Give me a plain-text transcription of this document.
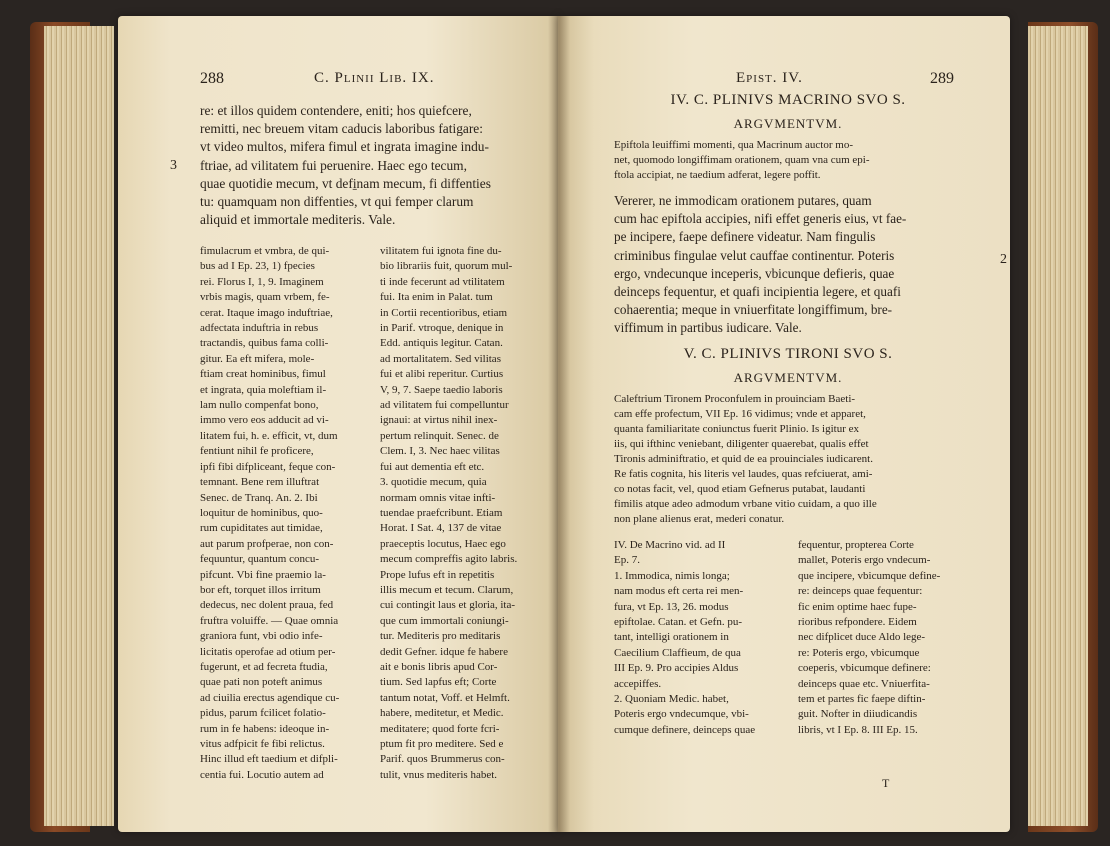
288	C. Plinii Lib. IX.
3
re: et illos quidem contendere, eniti; hos quiefcere,
remitti, nec breuem vitam caducis laboribus fatigare:
vt video multos, mifera fimul et ingrata imagine indu-
ftriae, ad vilitatem fui peruenire. Haec ego tecum,
quae quotidie mecum, vt defi̱nam mecum, fi diffenties
tu: quamquam non diffenties, vt qui femper clarum
aliquid et immortale mediteris. Vale.
fimulacrum et vmbra, de qui-
bus ad I Ep. 23, 1) fpecies
rei. Florus I, 1, 9. Imaginem
vrbis magis, quam vrbem, fe-
cerat. Itaque imago induftriae,
adfectata induftria in rebus
tractandis, quibus fama colli-
gitur. Ea eft mifera, mole-
ftiam creat hominibus, fimul
et ingrata, quia moleftiam il-
lam nullo compenfat bono,
immo vero eos adducit ad vi-
litatem fui, h. e. efficit, vt, dum
fentiunt nihil fe proficere,
ipfi fibi difpliceant, feque con-
temnant. Bene rem illuftrat
Senec. de Tranq. An. 2. Ibi
loquitur de hominibus, quo-
rum cupiditates aut timidae,
aut parum profperae, non con-
fequuntur, quantum concu-
pifcunt. Vbi fine praemio la-
bor eft, torquet illos irritum
dedecus, nec dolent praua, fed
fruftra voluiffe. — Quae omnia
graniora funt, vbi odio infe-
licitatis operofae ad otium per-
fugerunt, et ad fecreta ftudia,
quae pati non poteft animus
ad ciuilia erectus agendique cu-
pidus, parum fcilicet folatio-
rum in fe habens: ideoque in-
vitus adfpicit fe fibi relictus.
Hinc illud eft taedium et difpli-
centia fui. Locutio autem ad
vilitatem fui ignota fine du-
bio librariis fuit, quorum mul-
ti inde fecerunt ad vtilitatem
fui. Ita enim in Palat. tum
in Cortii recentioribus, etiam
in Parif. vtroque, denique in
Edd. antiquis legitur. Catan.
ad mortalitatem. Sed vilitas
fui et alibi reperitur. Curtius
V, 9, 7. Saepe taedio laboris
ad vilitatem fui compelluntur
ignaui: at virtus nihil inex-
pertum relinquit. Senec. de
Clem. I, 3. Nec haec vilitas
fui aut dementia eft etc.
3. quotidie mecum, quia
normam omnis vitae infti-
tuendae praefcribunt. Etiam
Horat. I Sat. 4, 137 de vitae
praeceptis locutus, Haec ego
mecum compreffis agito labris.
Prope lufus eft in repetitis
illis mecum et tecum. Clarum,
cui contingit laus et gloria, ita-
que cum immortali coniungi-
tur. Mediteris pro meditaris
dedit Gefner. idque fe habere
ait e bonis libris apud Cor-
tium. Sed lapfus eft; Corte
tantum notat, Voff. et Helmft.
habere, meditetur, et Medic.
meditatere; quod forte fcri-
ptum fit pro meditere. Sed e
Parif. quos Brummerus con-
tulit, vnus mediteris habet.
Epist. IV.	289
IV. C. PLINIVS MACRINO SVO S.
ARGVMENTVM.
Epiftola leuiffimi momenti, qua Macrinum auctor mo-
net, quomodo longiffimam orationem, quam vna cum epi-
ftola accipiat, ne taedium adferat, legere poffit.
Vererer, ne immodicam orationem putares, quam
cum hac epiftola accipies, nifi effet generis eius, vt fae-
pe incipere, faepe definere videatur. Nam fingulis
criminibus fingulae velut cauffae continentur. Poteris
ergo, vndecunque inceperis, vbicunque defieris, quae
deinceps fequentur, et quafi incipientia legere, et quafi
cohaerentia; meque in vniuerfitate longiffimum, bre-
viffimum in partibus iudicare. Vale.
2
V. C. PLINIVS TIRONI SVO S.
ARGVMENTVM.
Caleftrium Tironem Proconfulem in prouinciam Baeti-
cam effe profectum, VII Ep. 16 vidimus; vnde et apparet,
quanta familiaritate coniunctus fuerit Plinio. Is igitur ex
iis, qui ifthinc veniebant, diligenter quaerebat, qualis effet
Tironis adminiftratio, et quid de ea prouinciales iudicarent.
Re fatis cognita, his literis vel laudes, quas refciuerat, ami-
co notas facit, vel, quod etiam Gefnerus putabat, laudanti
fimilis atque adeo admodum vrbane vitio cuidam, a quo ille
non plane alienus erat, mederi conatur.
IV. De Macrino vid. ad II
Ep. 7.
1. Immodica, nimis longa;
nam modus eft certa rei men-
fura, vt Ep. 13, 26. modus
epiftolae. Catan. et Gefn. pu-
tant, intelligi orationem in
Caecilium Claffieum, de qua
III Ep. 9. Pro accipies Aldus
accepiffes.
2. Quoniam Medic. habet,
Poteris ergo vndecumque, vbi-
cumque definere, deinceps quae
fequentur, propterea Corte
mallet, Poteris ergo vndecum-
que incipere, vbicumque define-
re: deinceps quae fequentur:
fic enim optime haec fupe-
rioribus refpondere. Eidem
nec difplicet duce Aldo lege-
re: Poteris ergo, vbicumque
coeperis, vbicumque definere:
deinceps quae etc. Vniuerfita-
tem et partes fic faepe diftin-
guit. Nofter in diiudicandis
libris, vt I Ep. 8. III Ep. 15.
T
